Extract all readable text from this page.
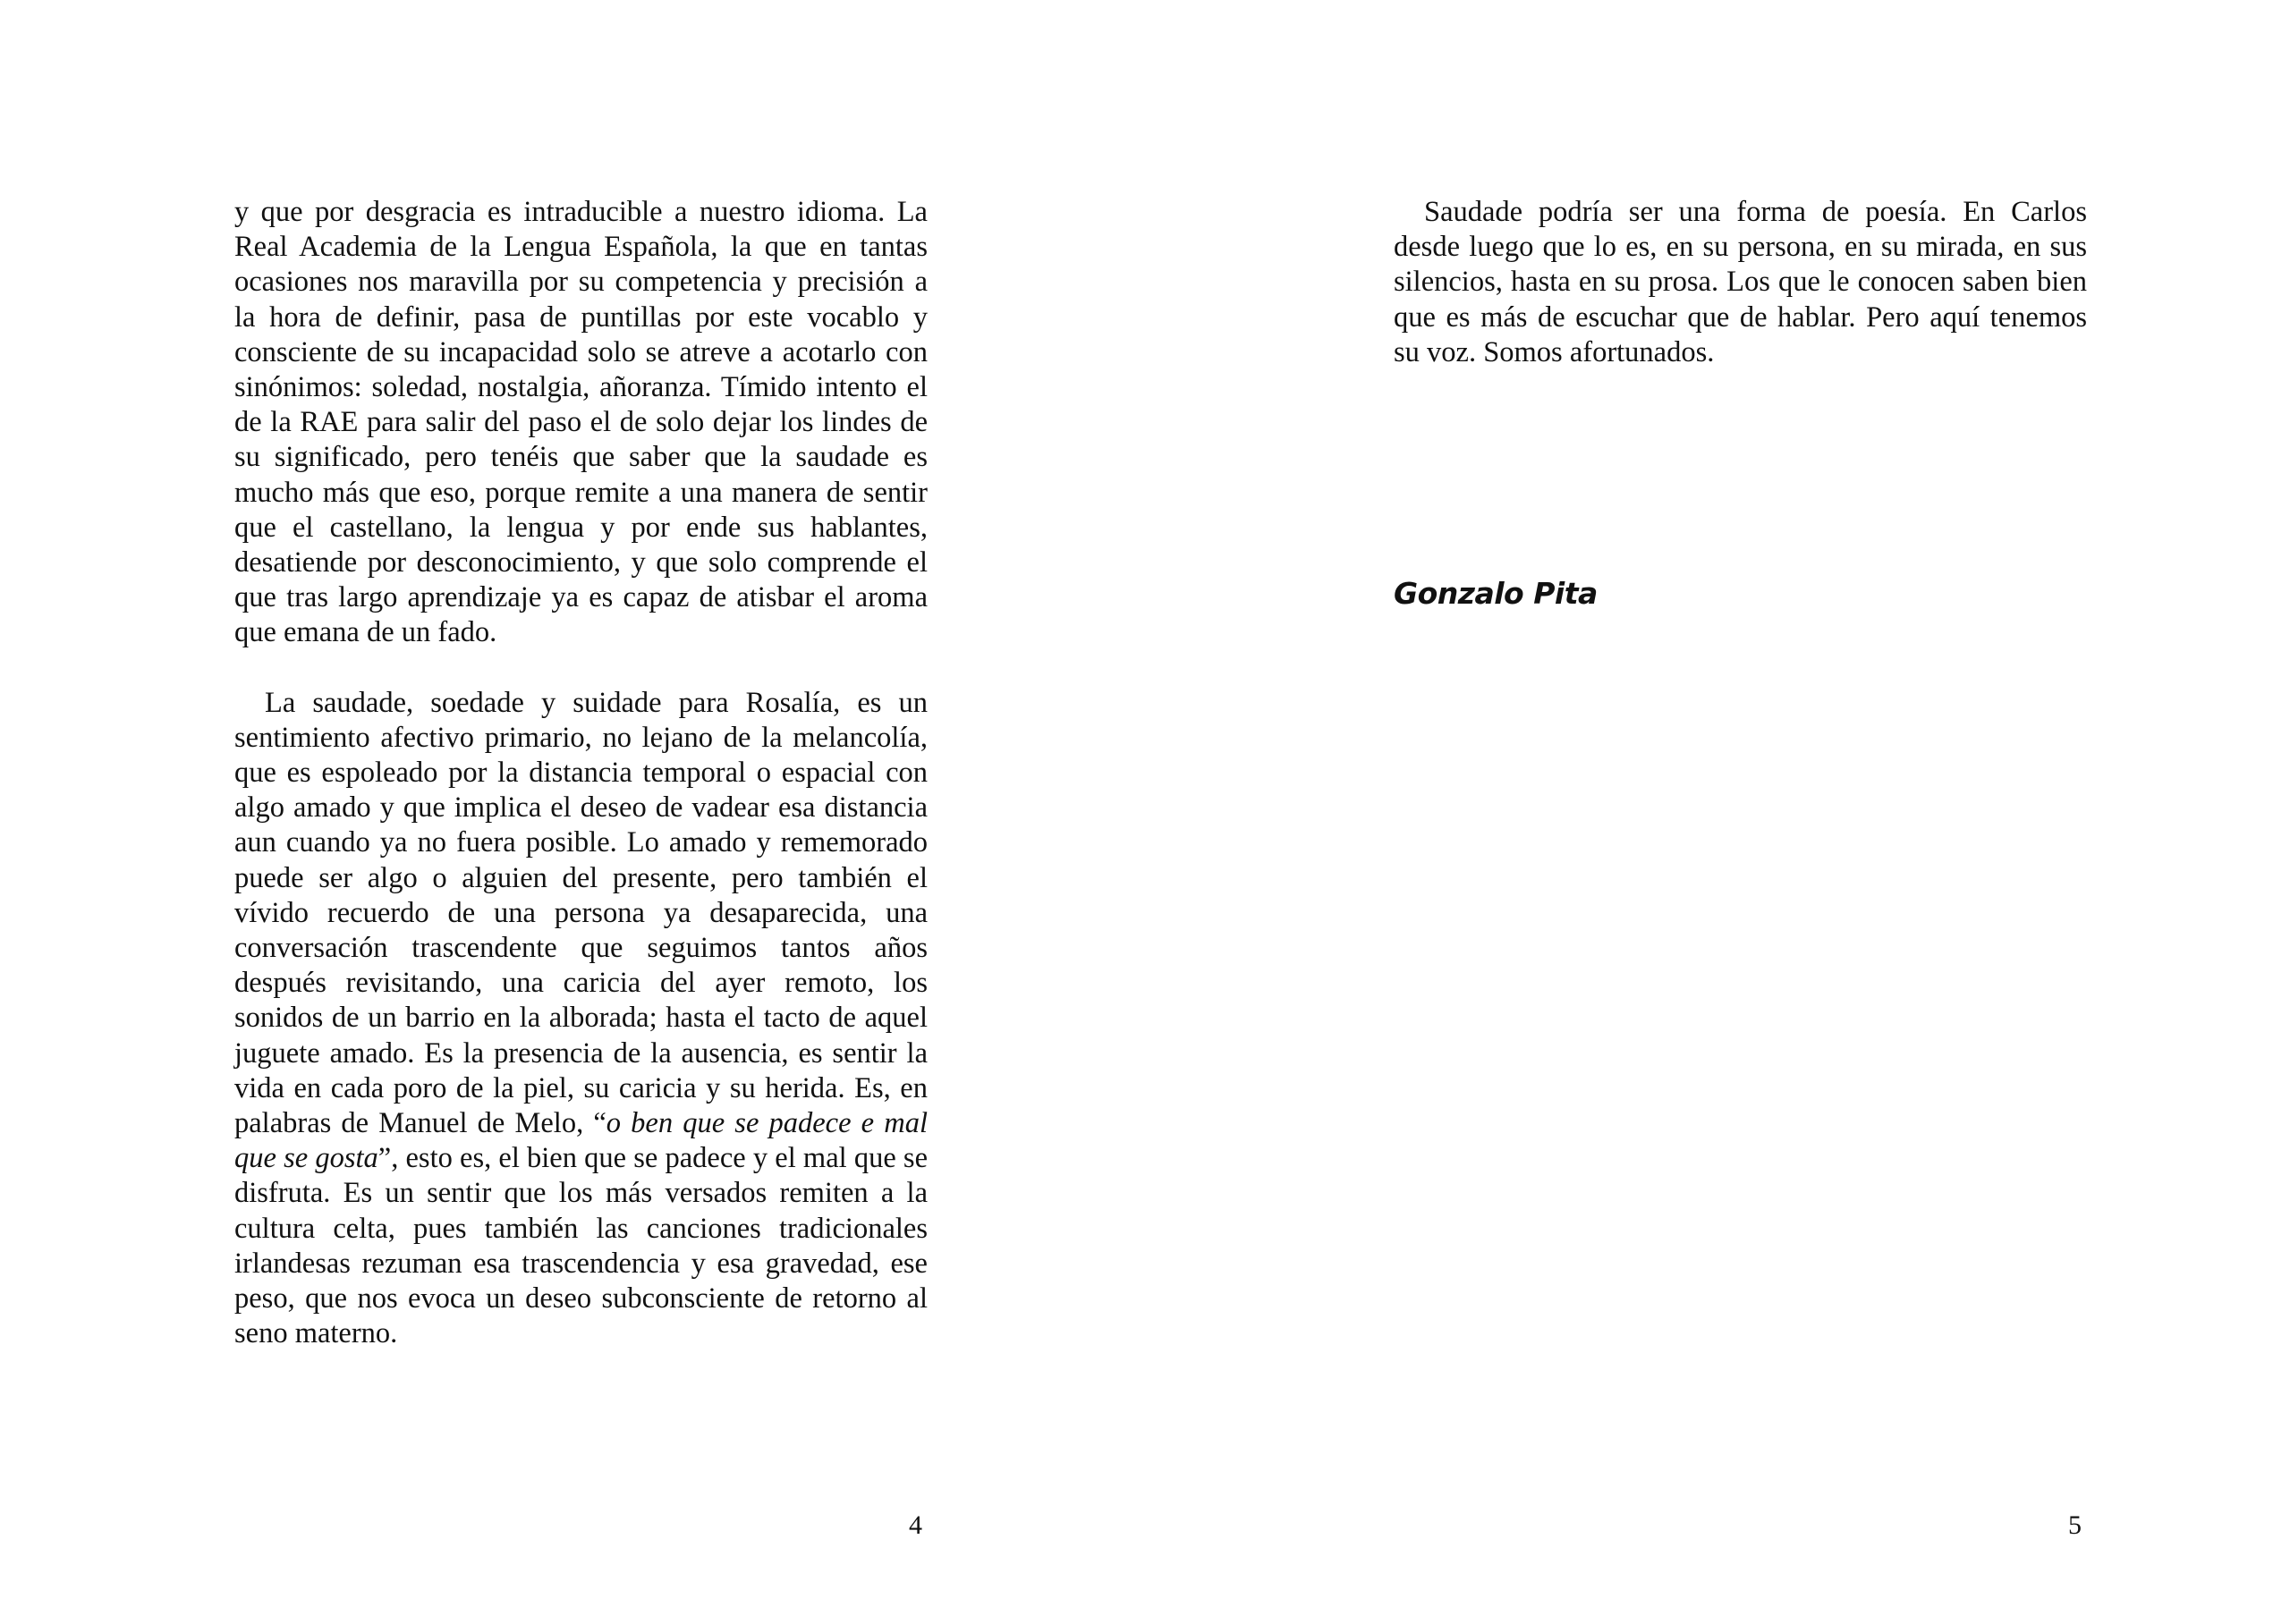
y que por desgracia es intraducible a nuestro idioma. La Real Academia de la Lengua Española, la que en tantas ocasiones nos maravilla por su competencia y precisión a la hora de definir, pasa de puntillas por este vocablo y consciente de su incapacidad solo se atreve a acotarlo con sinónimos: soledad, nostalgia, añoranza. Tímido intento el de la RAE para salir del paso el de solo dejar los lindes de su significado, pero tenéis que saber que la saudade es mucho más que eso, porque remite a una manera de sentir que el castellano, la lengua y por ende sus hablantes, desatiende por desconocimiento, y que solo comprende el que tras largo aprendizaje ya es capaz de atisbar el aroma que emana de un fado.

La saudade, soedade y suidade para Rosalía, es un sentimiento afectivo primario, no lejano de la melancolía, que es espoleado por la distancia temporal o espacial con algo amado y que implica el deseo de vadear esa distancia aun cuando ya no fuera posible. Lo amado y rememorado puede ser algo o alguien del presente, pero también el vívido recuerdo de una persona ya desaparecida, una conversación trascendente que seguimos tantos años después revisitando, una caricia del ayer remoto, los sonidos de un barrio en la alborada; hasta el tacto de aquel juguete amado. Es la presencia de la ausencia, es sentir la vida en cada poro de la piel, su caricia y su herida. Es, en palabras de Manuel de Melo, “o ben que se padece e mal que se gosta”, esto es, el bien que se padece y el mal que se disfruta. Es un sentir que los más versados remiten a la cultura celta, pues también las canciones tradicionales irlandesas rezuman esa trascendencia y esa gravedad, ese peso, que nos evoca un deseo subconsciente de retorno al seno materno.

4

Saudade podría ser una forma de poesía. En Carlos desde luego que lo es, en su persona, en su mirada, en sus silencios, hasta en su prosa. Los que le conocen saben bien que es más de escuchar que de hablar. Pero aquí tenemos su voz. Somos afortunados.

Gonzalo Pita
5
